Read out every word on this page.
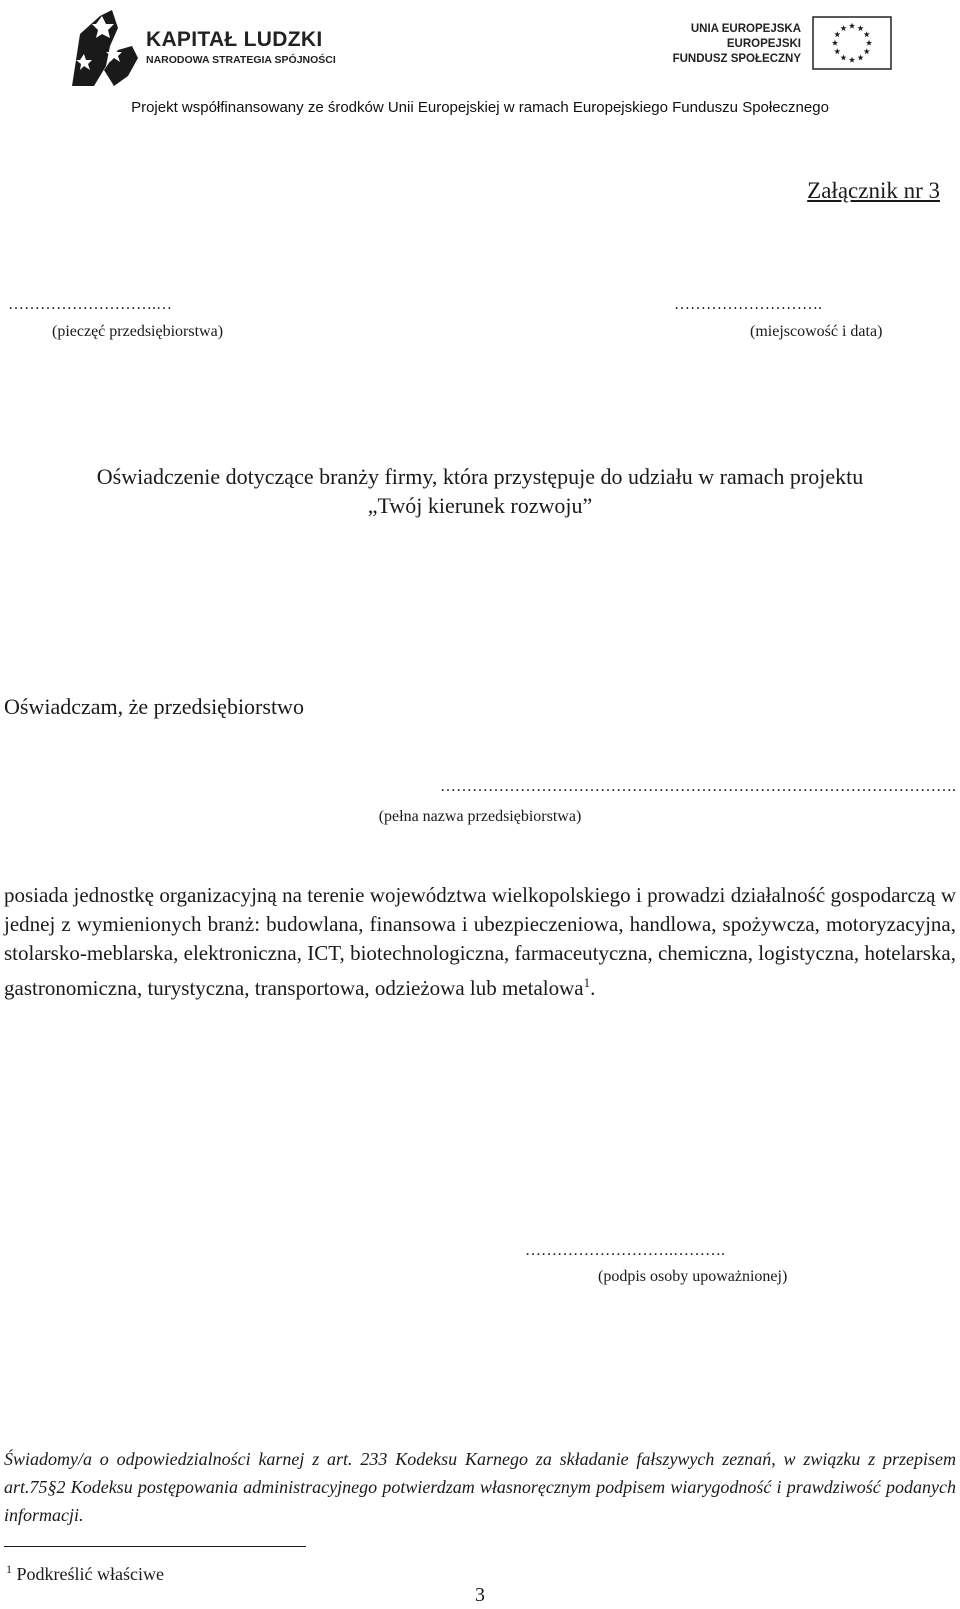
KAPITAŁ LUDZKI
NARODOWA STRATEGIA SPÓJNOŚCI
UNIA EUROPEJSKA
EUROPEJSKI
FUNDUSZ SPOŁECZNY
Projekt współfinansowany ze środków Unii Europejskiej w ramach Europejskiego Funduszu Społecznego
Załącznik nr 3
……………………….…
(pieczęć przedsiębiorstwa)
……………………….
(miejscowość i data)
Oświadczenie dotyczące branży firmy, która przystępuje do udziału w ramach projektu
„Twój kierunek rozwoju”
Oświadczam, że przedsiębiorstwo
…………………………………………………………………………………….
(pełna nazwa przedsiębiorstwa)
posiada jednostkę organizacyjną na terenie województwa wielkopolskiego i prowadzi działalność gospodarczą w jednej z wymienionych branż: budowlana, finansowa i ubezpieczeniowa, handlowa, spożywcza, motoryzacyjna, stolarsko-meblarska, elektroniczna, ICT, biotechnologiczna, farmaceutyczna, chemiczna, logistyczna, hotelarska, gastronomiczna, turystyczna, transportowa, odzieżowa lub metalowa$^1$.
……………………….……….
(podpis osoby upoważnionej)
Świadomy/a o odpowiedzialności karnej z art. 233 Kodeksu Karnego za składanie fałszywych zeznań, w związku z przepisem art.75§2 Kodeksu postępowania administracyjnego potwierdzam własnoręcznym podpisem wiarygodność i prawdziwość podanych informacji.
$^1$ Podkreślić właściwe
3
